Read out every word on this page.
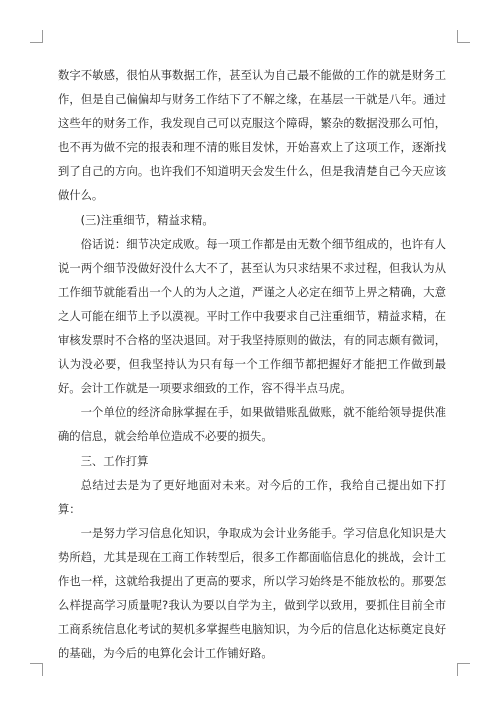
数字不敏感，很怕从事数据工作，甚至认为自己最不能做的工作的就是财务工作，但是自己偏偏却与财务工作结下了不解之缘，在基层一干就是八年。通过这些年的财务工作，我发现自己可以克服这个障碍，繁杂的数据没那么可怕，也不再为做不完的报表和理不清的账目发怵，开始喜欢上了这项工作，逐渐找到了自己的方向。也许我们不知道明天会发生什么，但是我清楚自己今天应该做什么。

(三)注重细节，精益求精。

俗话说：细节决定成败。每一项工作都是由无数个细节组成的，也许有人说一两个细节没做好没什么大不了，甚至认为只求结果不求过程，但我认为从工作细节就能看出一个人的为人之道，严谨之人必定在细节上畀之精确，大意之人可能在细节上予以漠视。平时工作中我要求自己注重细节，精益求精，在审核发票时不合格的坚决退回。对于我坚持原则的做法，有的同志颇有微词，认为没必要，但我坚持认为只有每一个工作细节都把握好才能把工作做到最好。会计工作就是一项要求细致的工作，容不得半点马虎。

一个单位的经济命脉掌握在手，如果做错账乱做账，就不能给领导提供准确的信息，就会给单位造成不必要的损失。

三、工作打算

总结过去是为了更好地面对未来。对今后的工作，我给自己提出如下打算：

一是努力学习信息化知识，争取成为会计业务能手。学习信息化知识是大势所趋，尤其是现在工商工作转型后，很多工作都面临信息化的挑战，会计工作也一样，这就给我提出了更高的要求，所以学习始终是不能放松的。那要怎么样提高学习质量呢?我认为要以自学为主，做到学以致用，要抓住目前全市工商系统信息化考试的契机多掌握些电脑知识，为今后的信息化达标奠定良好的基础，为今后的电算化会计工作铺好路。
